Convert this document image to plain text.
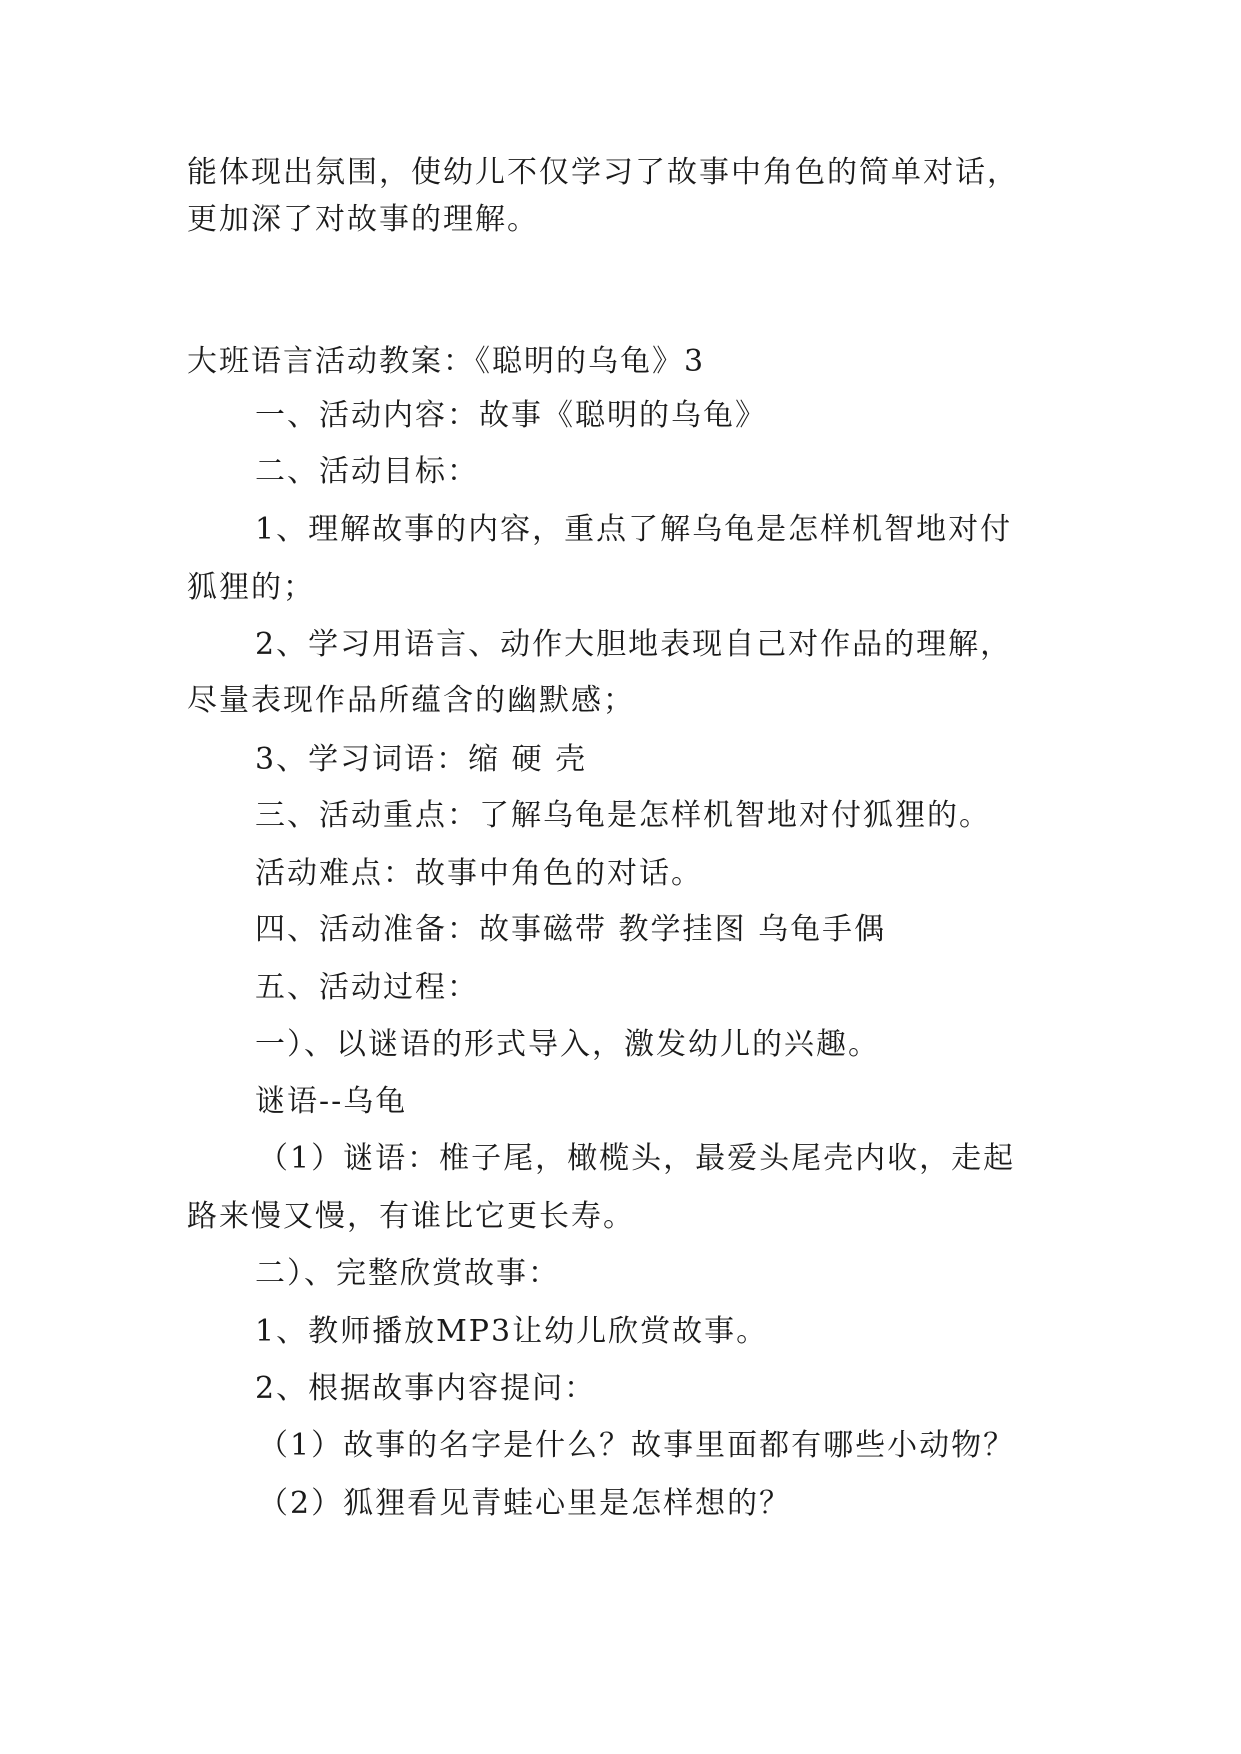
能体现出氛围，使幼儿不仅学习了故事中角色的简单对话，
更加深了对故事的理解。
大班语言活动教案：《聪明的乌龟》3
一、活动内容：故事《聪明的乌龟》
二、活动目标：
1、理解故事的内容，重点了解乌龟是怎样机智地对付
狐狸的；
2、学习用语言、动作大胆地表现自己对作品的理解，
尽量表现作品所蕴含的幽默感；
3、学习词语：缩 硬 壳
三、活动重点：了解乌龟是怎样机智地对付狐狸的。
活动难点：故事中角色的对话。
四、活动准备：故事磁带 教学挂图 乌龟手偶
五、活动过程：
一）、以谜语的形式导入，激发幼儿的兴趣。
谜语--乌龟
（1）谜语：椎子尾，橄榄头，最爱头尾壳内收，走起
路来慢又慢，有谁比它更长寿。
二）、完整欣赏故事：
1、教师播放MP3让幼儿欣赏故事。
2、根据故事内容提问：
（1）故事的名字是什么？故事里面都有哪些小动物？
（2）狐狸看见青蛙心里是怎样想的？
